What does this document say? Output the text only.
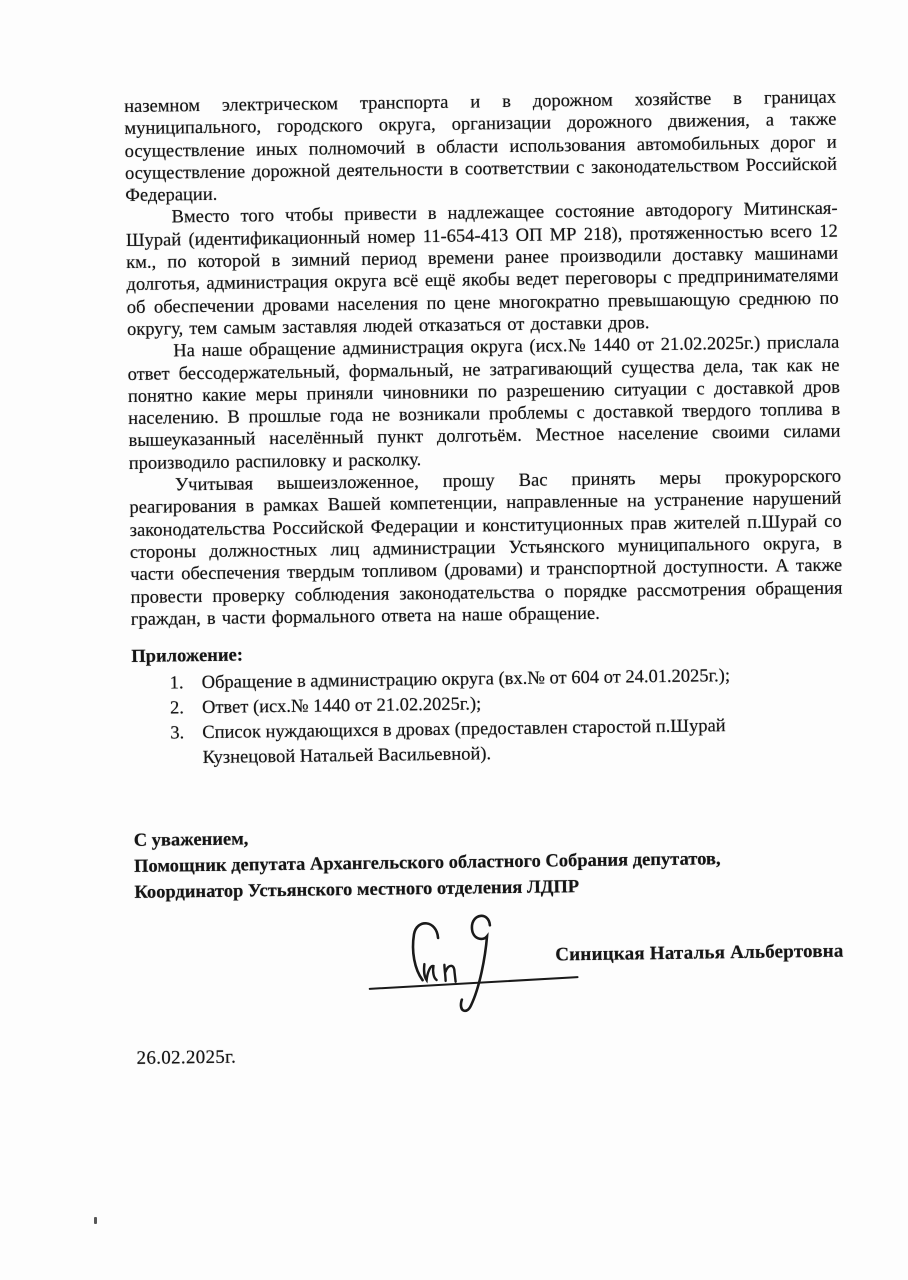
наземном электрическом транспорта и в дорожном хозяйстве в границах муниципального, городского округа, организации дорожного движения, а также осуществление иных полномочий в области использования автомобильных дорог и осуществление дорожной деятельности в соответствии с законодательством Российской Федерации.

Вместо того чтобы привести в надлежащее состояние автодорогу Митинская-Шурай (идентификационный номер 11-654-413 ОП МР 218), протяженностью всего 12 км., по которой в зимний период времени ранее производили доставку машинами долготья, администрация округа всё ещё якобы ведет переговоры с предпринимателями об обеспечении дровами населения по цене многократно превышающую среднюю по округу, тем самым заставляя людей отказаться от доставки дров.

На наше обращение администрация округа (исх.№ 1440 от 21.02.2025г.) прислала ответ бессодержательный, формальный, не затрагивающий существа дела, так как не понятно какие меры приняли чиновники по разрешению ситуации с доставкой дров населению. В прошлые года не возникали проблемы с доставкой твердого топлива в вышеуказанный населённый пункт долготьём. Местное население своими силами производило распиловку и расколку.

Учитывая вышеизложенное, прошу Вас принять меры прокурорского реагирования в рамках Вашей компетенции, направленные на устранение нарушений законодательства Российской Федерации и конституционных прав жителей п.Шурай со стороны должностных лиц администрации Устьянского муниципального округа, в части обеспечения твердым топливом (дровами) и транспортной доступности. А также провести проверку соблюдения законодательства о порядке рассмотрения обращения граждан, в части формального ответа на наше обращение.

Приложение:
1. Обращение в администрацию округа (вх.№ от 604 от 24.01.2025г.);
2. Ответ (исх.№ 1440 от 21.02.2025г.);
3. Список нуждающихся в дровах (предоставлен старостой п.Шурай Кузнецовой Натальей Васильевной).
С уважением,
Помощник депутата Архангельского областного Собрания депутатов,
Координатор Устьянского местного отделения ЛДПР
Синицкая Наталья Альбертовна
26.02.2025г.
